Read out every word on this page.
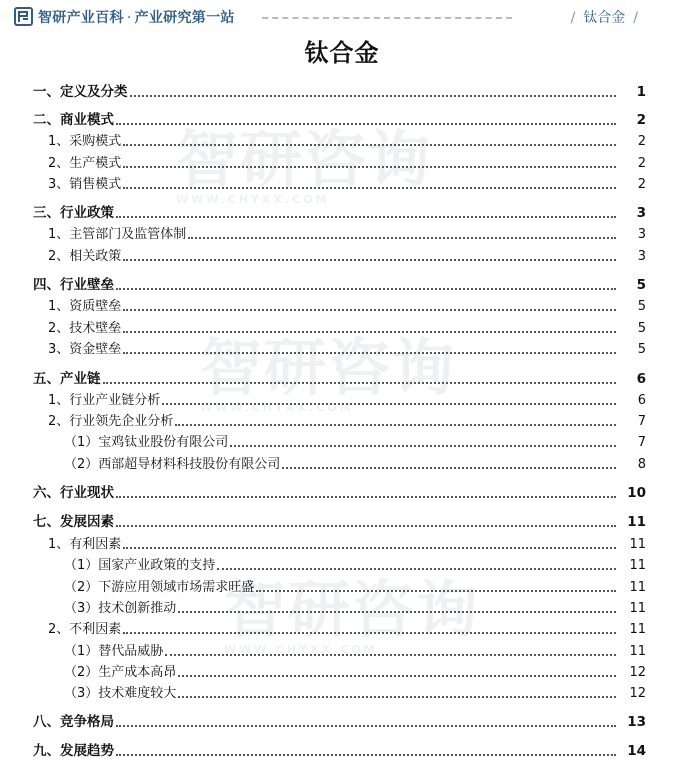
智研咨询
WWW.CHYXX.COM
智研咨询
WWW.CHYXX.COM
智研咨询
WWW.CHYXX.COM
智研产业百科 · 产业研究第一站	/ 钛合金 /
钛合金
一、定义及分类	1
二、商业模式	2
1、采购模式	2
2、生产模式	2
3、销售模式	2
三、行业政策	3
1、主管部门及监管体制	3
2、相关政策	3
四、行业壁垒	5
1、资质壁垒	5
2、技术壁垒	5
3、资金壁垒	5
五、产业链	6
1、行业产业链分析	6
2、行业领先企业分析	7
（1）宝鸡钛业股份有限公司	7
（2）西部超导材料科技股份有限公司	8
六、行业现状	10
七、发展因素	11
1、有利因素	11
（1）国家产业政策的支持	11
（2）下游应用领域市场需求旺盛	11
（3）技术创新推动	11
2、不利因素	11
（1）替代品威胁	11
（2）生产成本高昂	12
（3）技术难度较大	12
八、竞争格局	13
九、发展趋势	14
